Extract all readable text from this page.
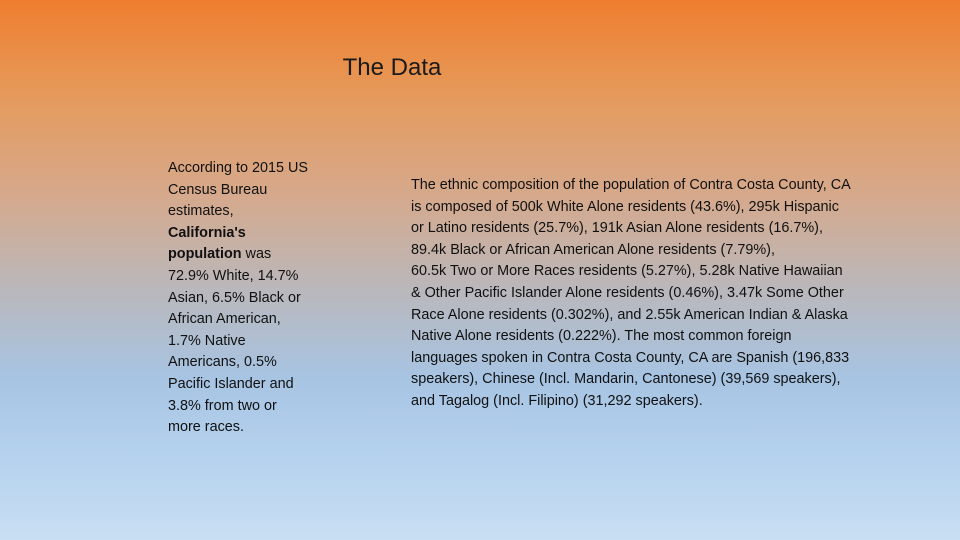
The Data
According to 2015 US Census Bureau estimates, California's population was 72.9% White, 14.7% Asian, 6.5% Black or African American, 1.7% Native Americans, 0.5% Pacific Islander and 3.8% from two or more races.

The ethnic composition of the population of Contra Costa County, CA is composed of 500k White Alone residents (43.6%), 295k Hispanic or Latino residents (25.7%), 191k Asian Alone residents (16.7%), 89.4k Black or African American Alone residents (7.79%),

60.5k Two or More Races residents (5.27%), 5.28k Native Hawaiian & Other Pacific Islander Alone residents (0.46%), 3.47k Some Other Race Alone residents (0.302%), and 2.55k American Indian & Alaska Native Alone residents (0.222%). The most common foreign languages spoken in Contra Costa County, CA are Spanish (196,833 speakers), Chinese (Incl. Mandarin, Cantonese) (39,569 speakers), and Tagalog (Incl. Filipino) (31,292 speakers).
